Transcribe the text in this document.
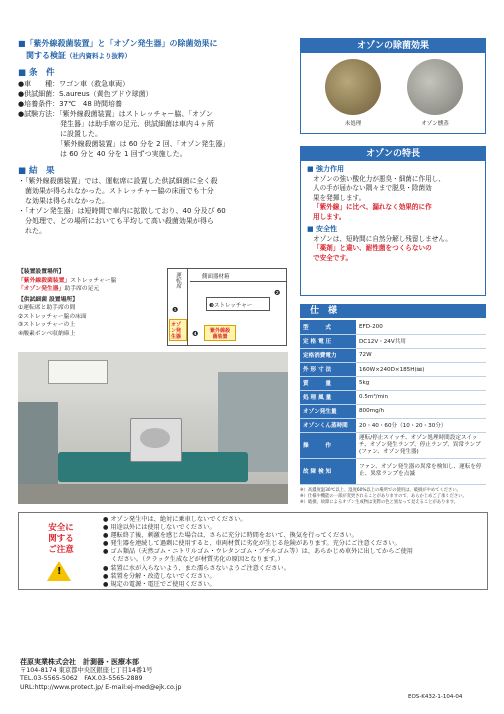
■「紫外線殺菌装置」と「オゾン発生器」の除菌効果に
関する検証（社内資料より抜粋）
■ 条　件
●車　　種：ワゴン車（救急車両）
●供試細菌：S.aureus（黄色ブドウ球菌）
●培養条件：37℃　48 時間培養
●試験方法：「紫外線殺菌装置」はストレッチャー脇、「オゾン
　　　　　　発生器」は助手席の足元、供試細菌は車内４ヶ所
　　　　　　に設置した。
　　　　　　「紫外線殺菌装置」は 60 分を 2 回、「オゾン発生器」
　　　　　　は 60 分と 40 分を 1 回ずつ実施した。
■ 結　果
・「紫外線殺菌装置」では、運転席に設置した供試細菌に全く殺
　菌効果が得られなかった。ストレッチャー脇の床面でも十分
　な効果は得られなかった。
・「オゾン発生器」は短時間で車内に拡散しており、40 分及び 60
　分処理で、どの場所においても平均して高い殺菌効果が得ら
　れた。
【装置設置場所】
「紫外線殺菌装置」ストレッチャー脇
「オゾン発生器」助手席の足元
【供試細菌 設置場所】
①運転席と助手席の間
②ストレッチャー脇の床面
③ストレッチャーの上
④酸素ボンベ収納庫上
運転席	側面器材箱
❶
❷
❸ストレッチャー
オゾン発生器	❹	紫外線殺菌装置
オゾンの除菌効果
未処理	オゾン燻蒸
オゾンの特長
■ 強力作用
オゾンの強い酸化力が悪臭・細菌に作用し、
人の手が届かない隅々まで脱臭・除菌効
果を発揮します。
「紫外線」に比べ、漏れなく効果的に作
用します。
■ 安全性
オゾンは、短時間に自然分解し残留しません。
「薬剤」と違い、耐性菌をつくらないの
で安全です。
仕　様
型　　　式	EFD-200
定 格 電 圧	DC12V・24V共用
定格消費電力	72W
外 形 寸 法	160W×240D×185H(㎜)
質　　　量	5kg
処 理 風 量	0.5m³/min
オゾン発生量	800mg/h
オゾンくん蒸時間	20・40・60分（10・20・30分）
操　　　作	運転/停止スイッチ、オゾン処理時間設定スイッチ、オゾン発生ランプ、停止ランプ、異常ランプ(ファン、オゾン発生器)
故 障 検 知	ファン、オゾン発生器の異常を検知し、運転を停止、異常ランプを点滅
※）高濃度温30℃以上、湿度60%以上の場所での使用は、破損がやめてください。
※）仕様や機能の一部が変更されることがありますので、あらかじめご了承ください。
※）破損、故障によるオゾン生成物は実際の色と異なって見えることがあります。
安全に
関する
ご注意
!
● オゾン発生中は、絶対に乗車しないでください。
● 用途以外には使用しないでください。
● 運転終了後、刺激を感じた場合は、さらに充分に時間をおいて、換気を行ってください。
● 発生器を連続して過剰に使用すると、車両材質に劣化が生じる危険があります。充分にご注意ください。
● ゴム類品（天然ゴム・ニトリルゴム・ウレタンゴム・ブチルゴム等）は、あらかじめ車外に出してからご使用
　 ください。（クラック生成などが材質劣化の原因となります。）
● 装置に水が入らないよう、また濡らさないようご注意ください。
● 装置を分解・改造しないでください。
● 規定の電源・電圧でご使用ください。
荏原実業株式会社　計測器・医療本部
〒104-8174 東京都中央区銀座七丁目14番1号
TEL.03-5565-5062　FAX.03-5565-2889
URL:http://www.protect.jp/ E-mail:ej-med@ejk.co.jp
EOS-K432-1-104-04
